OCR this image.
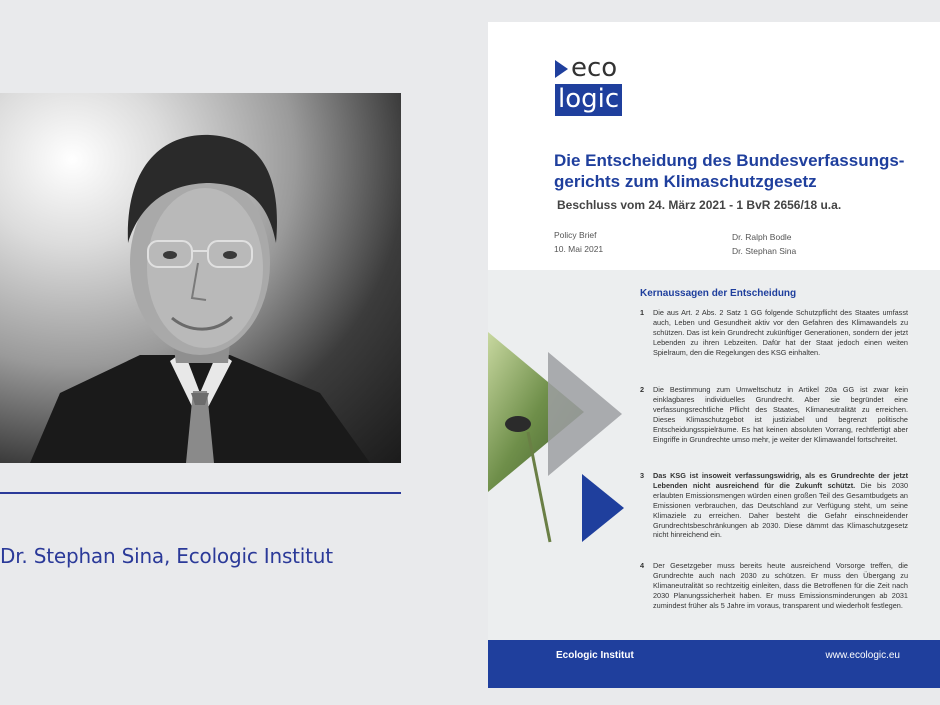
Dr. Stephan Sina, Ecologic Institut
eco
logic
Die Entscheidung des Bundesverfassungs-gerichts zum Klimaschutzgesetz
Beschluss vom 24. März 2021 - 1 BvR 2656/18 u.a.
Policy Brief
10. Mai 2021
Dr. Ralph Bodle
Dr. Stephan Sina
Kernaussagen der Entscheidung
1 Die aus Art. 2 Abs. 2 Satz 1 GG folgende Schutzpflicht des Staates umfasst auch, Leben und Gesundheit aktiv vor den Gefahren des Klimawandels zu schützen. Das ist kein Grundrecht zukünftiger Generationen, sondern der jetzt Lebenden zu ihren Lebzeiten. Dafür hat der Staat jedoch einen weiten Spielraum, den die Regelungen des KSG einhalten.
2 Die Bestimmung zum Umweltschutz in Artikel 20a GG ist zwar kein einklagbares individuelles Grundrecht. Aber sie begründet eine verfassungsrechtliche Pflicht des Staates, Klimaneutralität zu erreichen. Dieses Klimaschutzgebot ist justiziabel und begrenzt politische Entscheidungsspielräume. Es hat keinen absoluten Vorrang, rechtfertigt aber Eingriffe in Grundrechte umso mehr, je weiter der Klimawandel fortschreitet.
3 Das KSG ist insoweit verfassungswidrig, als es Grundrechte der jetzt Lebenden nicht ausreichend für die Zukunft schützt. Die bis 2030 erlaubten Emissionsmengen würden einen großen Teil des Gesamtbudgets an Emissionen verbrauchen, das Deutschland zur Verfügung steht, um seine Klimaziele zu erreichen. Daher besteht die Gefahr einschneidender Grundrechtsbeschränkungen ab 2030. Diese dämmt das Klimaschutzgesetz nicht hinreichend ein.
4 Der Gesetzgeber muss bereits heute ausreichend Vorsorge treffen, die Grundrechte auch nach 2030 zu schützen. Er muss den Übergang zu Klimaneutralität so rechtzeitig einleiten, dass die Betroffenen für die Zeit nach 2030 Planungssicherheit haben. Er muss Emissionsminderungen ab 2031 zumindest früher als 5 Jahre im voraus, transparent und wiederholt festlegen.
Ecologic Institut	www.ecologic.eu
